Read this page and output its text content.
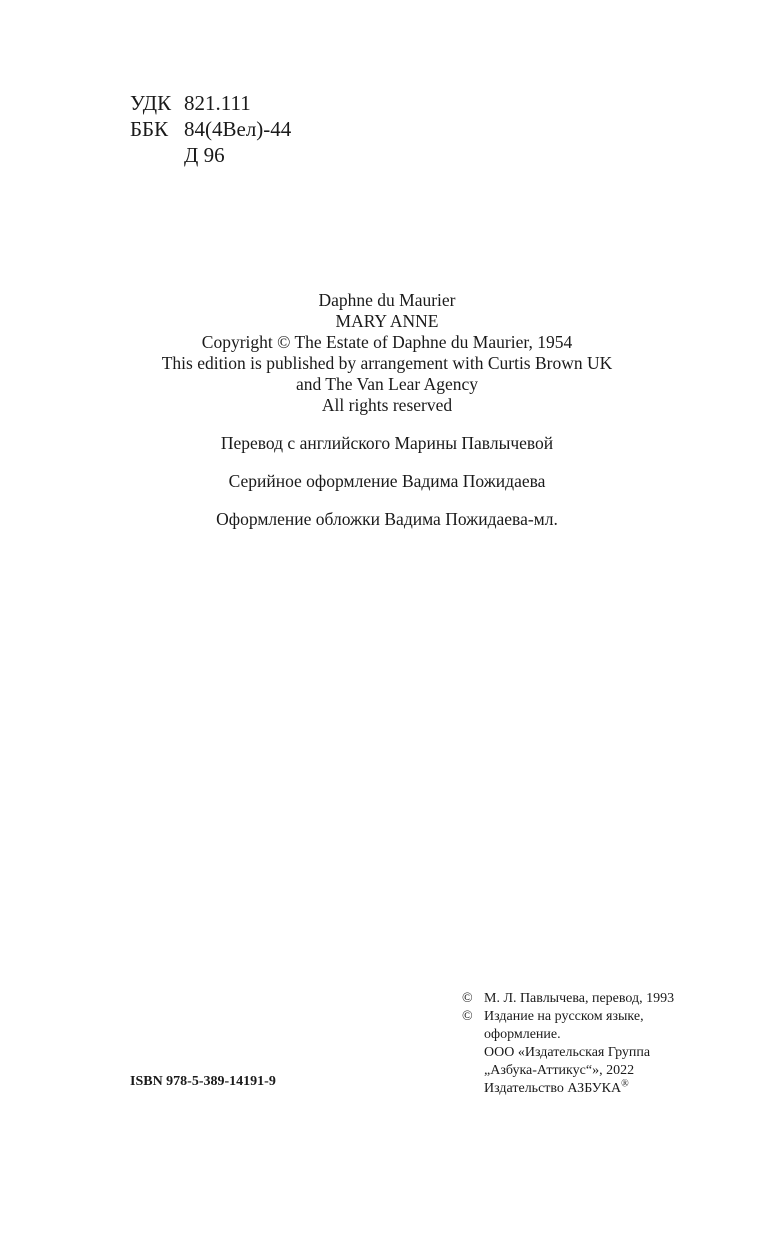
УДК 821.111
ББК 84(4Вел)-44
Д 96
Daphne du Maurier
MARY ANNE
Copyright © The Estate of Daphne du Maurier, 1954
This edition is published by arrangement with Curtis Brown UK
and The Van Lear Agency
All rights reserved
Перевод с английского Марины Павлычевой
Серийное оформление Вадима Пожидаева
Оформление обложки Вадима Пожидаева-мл.
ISBN 978-5-389-14191-9
© М. Л. Павлычева, перевод, 1993
© Издание на русском языке,
оформление.
ООО «Издательская Группа
„Азбука-Аттикус“», 2022
Издательство АЗБУКА®
